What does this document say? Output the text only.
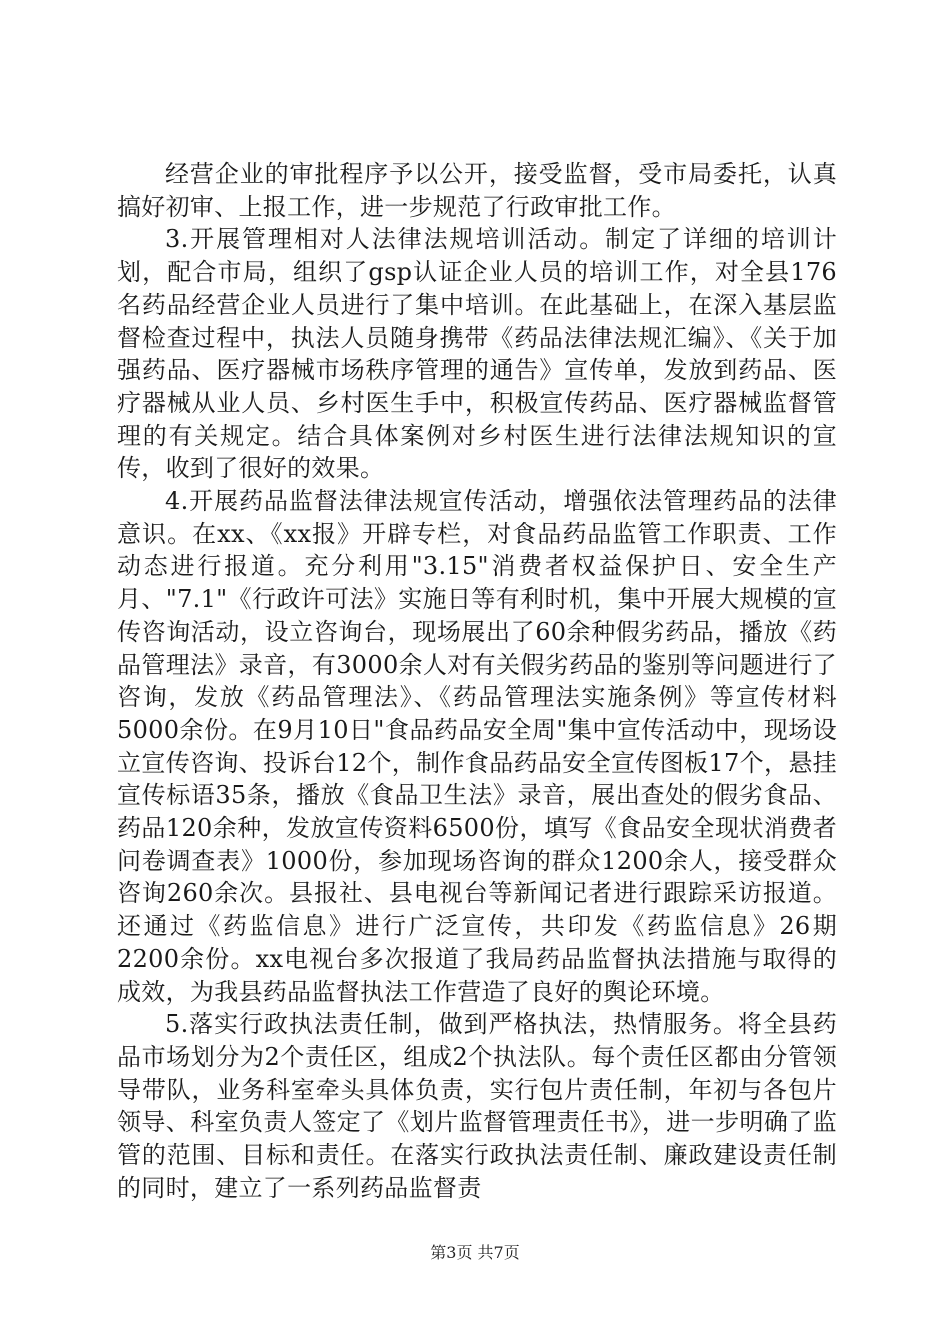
经营企业的审批程序予以公开，接受监督，受市局委托，认真搞好初审、上报工作，进一步规范了行政审批工作。

3.开展管理相对人法律法规培训活动。制定了详细的培训计划，配合市局，组织了gsp认证企业人员的培训工作，对全县176名药品经营企业人员进行了集中培训。在此基础上，在深入基层监督检查过程中，执法人员随身携带《药品法律法规汇编》、《关于加强药品、医疗器械市场秩序管理的通告》宣传单，发放到药品、医疗器械从业人员、乡村医生手中，积极宣传药品、医疗器械监督管理的有关规定。结合具体案例对乡村医生进行法律法规知识的宣传，收到了很好的效果。

4.开展药品监督法律法规宣传活动，增强依法管理药品的法律意识。在xx、《xx报》开辟专栏，对食品药品监管工作职责、工作动态进行报道。充分利用"3.15"消费者权益保护日、安全生产月、"7.1"《行政许可法》实施日等有利时机，集中开展大规模的宣传咨询活动，设立咨询台，现场展出了60余种假劣药品，播放《药品管理法》录音，有3000余人对有关假劣药品的鉴别等问题进行了咨询，发放《药品管理法》、《药品管理法实施条例》等宣传材料5000余份。在9月10日"食品药品安全周"集中宣传活动中，现场设立宣传咨询、投诉台12个，制作食品药品安全宣传图板17个，悬挂宣传标语35条，播放《食品卫生法》录音，展出查处的假劣食品、药品120余种，发放宣传资料6500份，填写《食品安全现状消费者问卷调查表》1000份，参加现场咨询的群众1200余人，接受群众咨询260余次。县报社、县电视台等新闻记者进行跟踪采访报道。还通过《药监信息》进行广泛宣传，共印发《药监信息》26期2200余份。xx电视台多次报道了我局药品监督执法措施与取得的成效，为我县药品监督执法工作营造了良好的舆论环境。

5.落实行政执法责任制，做到严格执法，热情服务。将全县药品市场划分为2个责任区，组成2个执法队。每个责任区都由分管领导带队，业务科室牵头具体负责，实行包片责任制，年初与各包片领导、科室负责人签定了《划片监督管理责任书》，进一步明确了监管的范围、目标和责任。在落实行政执法责任制、廉政建设责任制的同时，建立了一系列药品监督责

第3页 共7页
